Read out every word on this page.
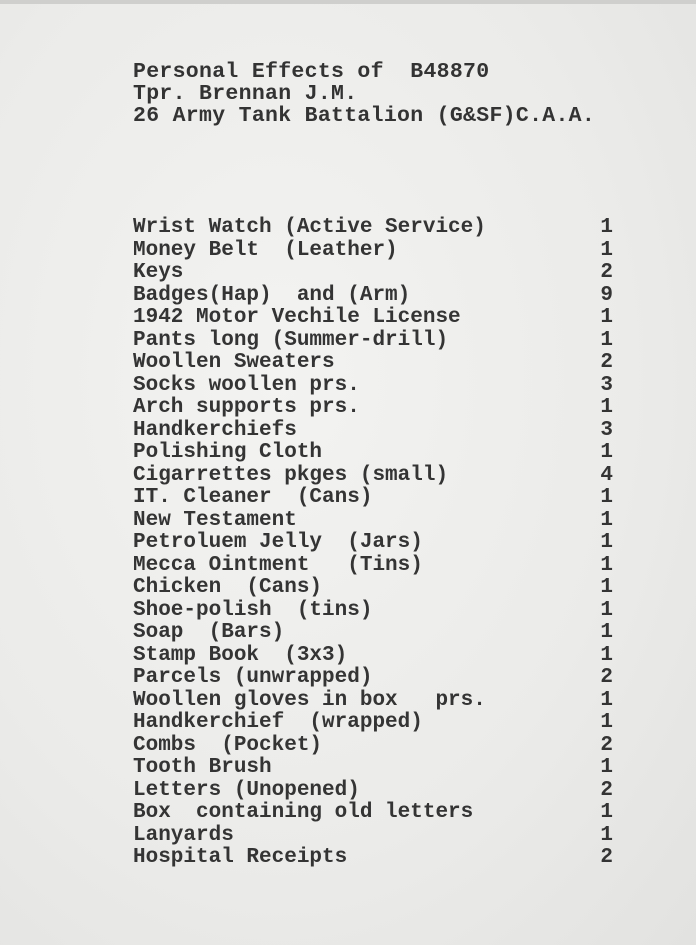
Personal Effects of  B48870
Tpr. Brennan J.M.
26 Army Tank Battalion (G&SF)C.A.A.
Wrist Watch (Active Service)	1
Money Belt  (Leather)	1
Keys	2
Badges(Hap)  and (Arm)	9
1942 Motor Vechile License	1
Pants long (Summer-drill)	1
Woollen Sweaters	2
Socks woollen prs.	3
Arch supports prs.	1
Handkerchiefs	3
Polishing Cloth	1
Cigarrettes pkges (small)	4
IT. Cleaner  (Cans)	1
New Testament	1
Petroluem Jelly  (Jars)	1
Mecca Ointment   (Tins)	1
Chicken  (Cans)	1
Shoe-polish  (tins)	1
Soap  (Bars)	1
Stamp Book  (3x3)	1
Parcels (unwrapped)	2
Woollen gloves in box   prs.	1
Handkerchief  (wrapped)	1
Combs  (Pocket)	2
Tooth Brush	1
Letters (Unopened)	2
Box  containing old letters	1
Lanyards	1
Hospital Receipts	2
